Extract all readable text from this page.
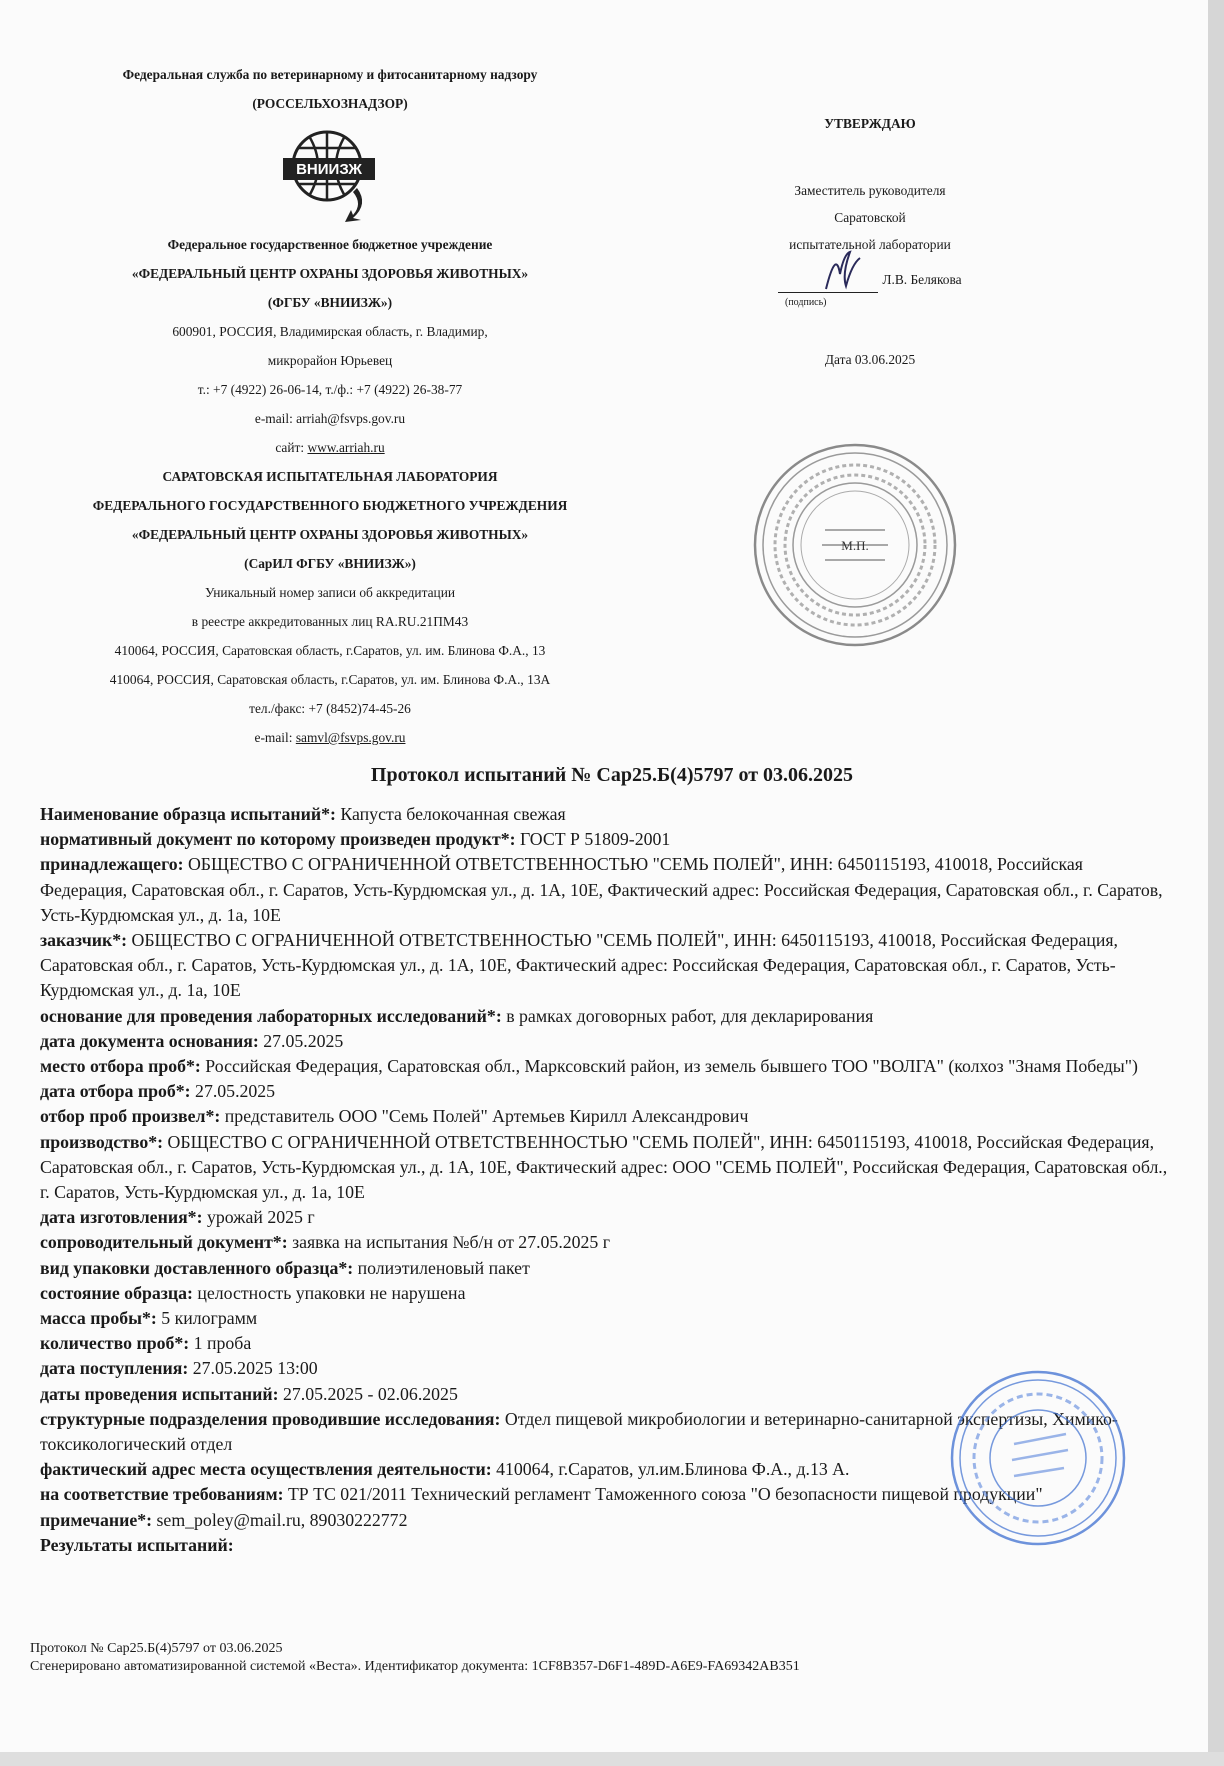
Федеральная служба по ветеринарному и фитосанитарному надзору
(РОССЕЛЬХОЗНАДЗОР)
ВНИИЗЖ
Федеральное государственное бюджетное учреждение
«ФЕДЕРАЛЬНЫЙ ЦЕНТР ОХРАНЫ ЗДОРОВЬЯ ЖИВОТНЫХ»
(ФГБУ «ВНИИЗЖ»)
600901, РОССИЯ, Владимирская область, г. Владимир,
микрорайон Юрьевец
т.: +7 (4922) 26-06-14, т./ф.: +7 (4922) 26-38-77
e-mail: arriah@fsvps.gov.ru
сайт: www.arriah.ru
САРАТОВСКАЯ ИСПЫТАТЕЛЬНАЯ ЛАБОРАТОРИЯ
ФЕДЕРАЛЬНОГО ГОСУДАРСТВЕННОГО БЮДЖЕТНОГО УЧРЕЖДЕНИЯ
«ФЕДЕРАЛЬНЫЙ ЦЕНТР ОХРАНЫ ЗДОРОВЬЯ ЖИВОТНЫХ»
(СарИЛ ФГБУ «ВНИИЗЖ»)
Уникальный номер записи об аккредитации
в реестре аккредитованных лиц RA.RU.21ПМ43
410064, РОССИЯ, Саратовская область, г.Саратов, ул. им. Блинова Ф.А., 13
410064, РОССИЯ, Саратовская область, г.Саратов, ул. им. Блинова Ф.А., 13А
тел./факс: +7 (8452)74-45-26
e-mail: samvl@fsvps.gov.ru
УТВЕРЖДАЮ
Заместитель руководителя
Саратовской
испытательной лаборатории
Л.В. Белякова
(подпись)
Дата 03.06.2025
М.П.
Протокол испытаний № Сар25.Б(4)5797 от 03.06.2025

Наименование образца испытаний*: Капуста белокочанная свежая

нормативный документ по которому произведен продукт*: ГОСТ Р 51809-2001

принадлежащего: ОБЩЕСТВО С ОГРАНИЧЕННОЙ ОТВЕТСТВЕННОСТЬЮ "СЕМЬ ПОЛЕЙ", ИНН: 6450115193, 410018, Российская Федерация, Саратовская обл., г. Саратов, Усть-Курдюмская ул., д. 1А, 10Е, Фактический адрес: Российская Федерация, Саратовская обл., г. Саратов, Усть-Курдюмская ул., д. 1а, 10Е

заказчик*: ОБЩЕСТВО С ОГРАНИЧЕННОЙ ОТВЕТСТВЕННОСТЬЮ "СЕМЬ ПОЛЕЙ", ИНН: 6450115193, 410018, Российская Федерация, Саратовская обл., г. Саратов, Усть-Курдюмская ул., д. 1А, 10Е, Фактический адрес: Российская Федерация, Саратовская обл., г. Саратов, Усть-Курдюмская ул., д. 1а, 10Е

основание для проведения лабораторных исследований*: в рамках договорных работ, для декларирования

дата документа основания: 27.05.2025

место отбора проб*: Российская Федерация, Саратовская обл., Марксовский район, из земель бывшего ТОО "ВОЛГА" (колхоз "Знамя Победы")

дата отбора проб*: 27.05.2025

отбор проб произвел*: представитель ООО "Семь Полей" Артемьев Кирилл Александрович

производство*: ОБЩЕСТВО С ОГРАНИЧЕННОЙ ОТВЕТСТВЕННОСТЬЮ "СЕМЬ ПОЛЕЙ", ИНН: 6450115193, 410018, Российская Федерация, Саратовская обл., г. Саратов, Усть-Курдюмская ул., д. 1А, 10Е, Фактический адрес: ООО "СЕМЬ ПОЛЕЙ", Российская Федерация, Саратовская обл., г. Саратов, Усть-Курдюмская ул., д. 1а, 10Е

дата изготовления*: урожай 2025 г

сопроводительный документ*: заявка на испытания №б/н от 27.05.2025 г

вид упаковки доставленного образца*: полиэтиленовый пакет

состояние образца: целостность упаковки не нарушена

масса пробы*: 5 килограмм

количество проб*: 1 проба

дата поступления: 27.05.2025 13:00

даты проведения испытаний: 27.05.2025 - 02.06.2025

структурные подразделения проводившие исследования: Отдел пищевой микробиологии и ветеринарно-санитарной экспертизы, Химико-токсикологический отдел

фактический адрес места осуществления деятельности: 410064, г.Саратов, ул.им.Блинова Ф.А., д.13 А.

на соответствие требованиям: ТР ТС 021/2011 Технический регламент Таможенного союза "О безопасности пищевой продукции"

примечание*: sem_poley@mail.ru, 89030222772

Результаты испытаний:

Протокол № Сар25.Б(4)5797 от 03.06.2025
Сгенерировано автоматизированной системой «Веста». Идентификатор документа: 1CF8B357-D6F1-489D-A6E9-FA69342AB351
